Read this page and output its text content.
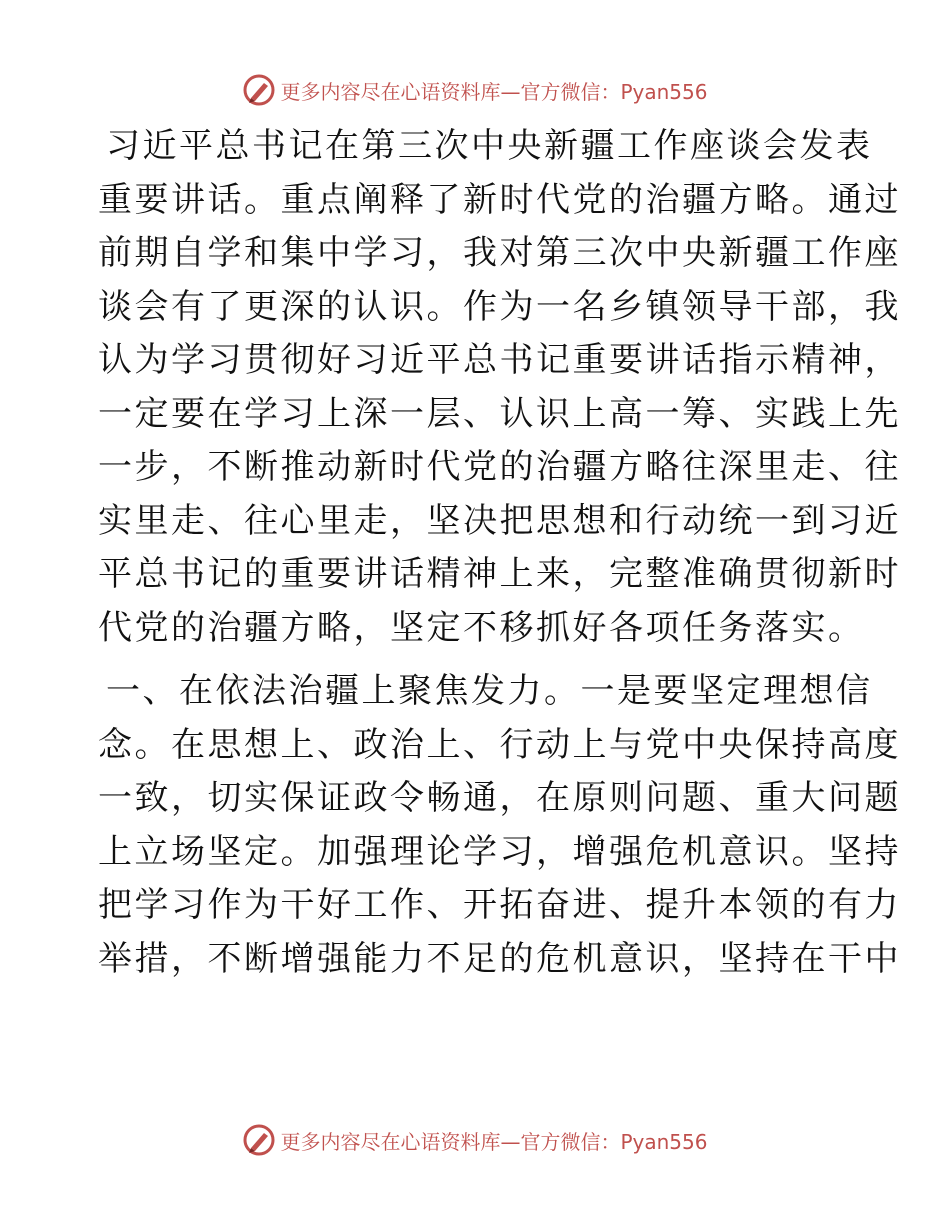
更多内容尽在心语资料库—官方微信：Pyan556

习近平总书记在第三次中央新疆工作座谈会发表
重要讲话。重点阐释了新时代党的治疆方略。通过
前期自学和集中学习，我对第三次中央新疆工作座
谈会有了更深的认识。作为一名乡镇领导干部，我
认为学习贯彻好习近平总书记重要讲话指示精神，
一定要在学习上深一层、认识上高一筹、实践上先
一步，不断推动新时代党的治疆方略往深里走、往
实里走、往心里走，坚决把思想和行动统一到习近
平总书记的重要讲话精神上来，完整准确贯彻新时
代党的治疆方略，坚定不移抓好各项任务落实。

一、在依法治疆上聚焦发力。一是要坚定理想信
念。在思想上、政治上、行动上与党中央保持高度
一致，切实保证政令畅通，在原则问题、重大问题
上立场坚定。加强理论学习，增强危机意识。坚持
把学习作为干好工作、开拓奋进、提升本领的有力
举措，不断增强能力不足的危机意识，坚持在干中

更多内容尽在心语资料库—官方微信：Pyan556
